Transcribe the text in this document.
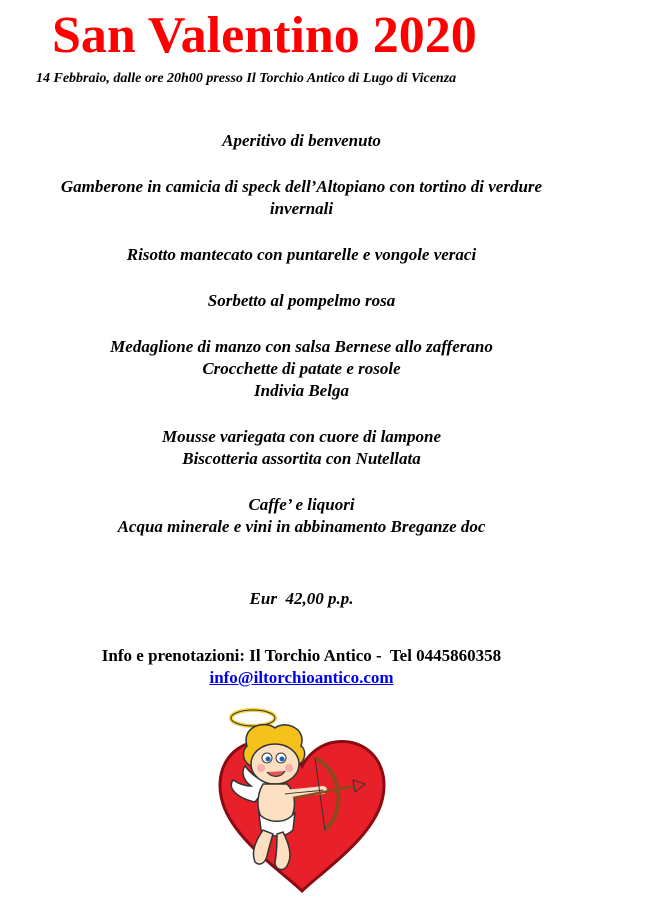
San Valentino 2020
14 Febbraio, dalle ore 20h00 presso Il Torchio Antico di Lugo di Vicenza

Aperitivo di benvenuto

Gamberone in camicia di speck dell’Altopiano con tortino di verdure
invernali

Risotto mantecato con puntarelle e vongole veraci

Sorbetto al pompelmo rosa

Medaglione di manzo con salsa Bernese allo zafferano
Crocchette di patate e rosole
Indivia Belga

Mousse variegata con cuore di lampone
Biscotteria assortita con Nutellata

Caffe’ e liquori
Acqua minerale e vini in abbinamento Breganze doc

Eur  42,00 p.p.
Info e prenotazioni: Il Torchio Antico -  Tel 0445860358
info@iltorchioantico.com
